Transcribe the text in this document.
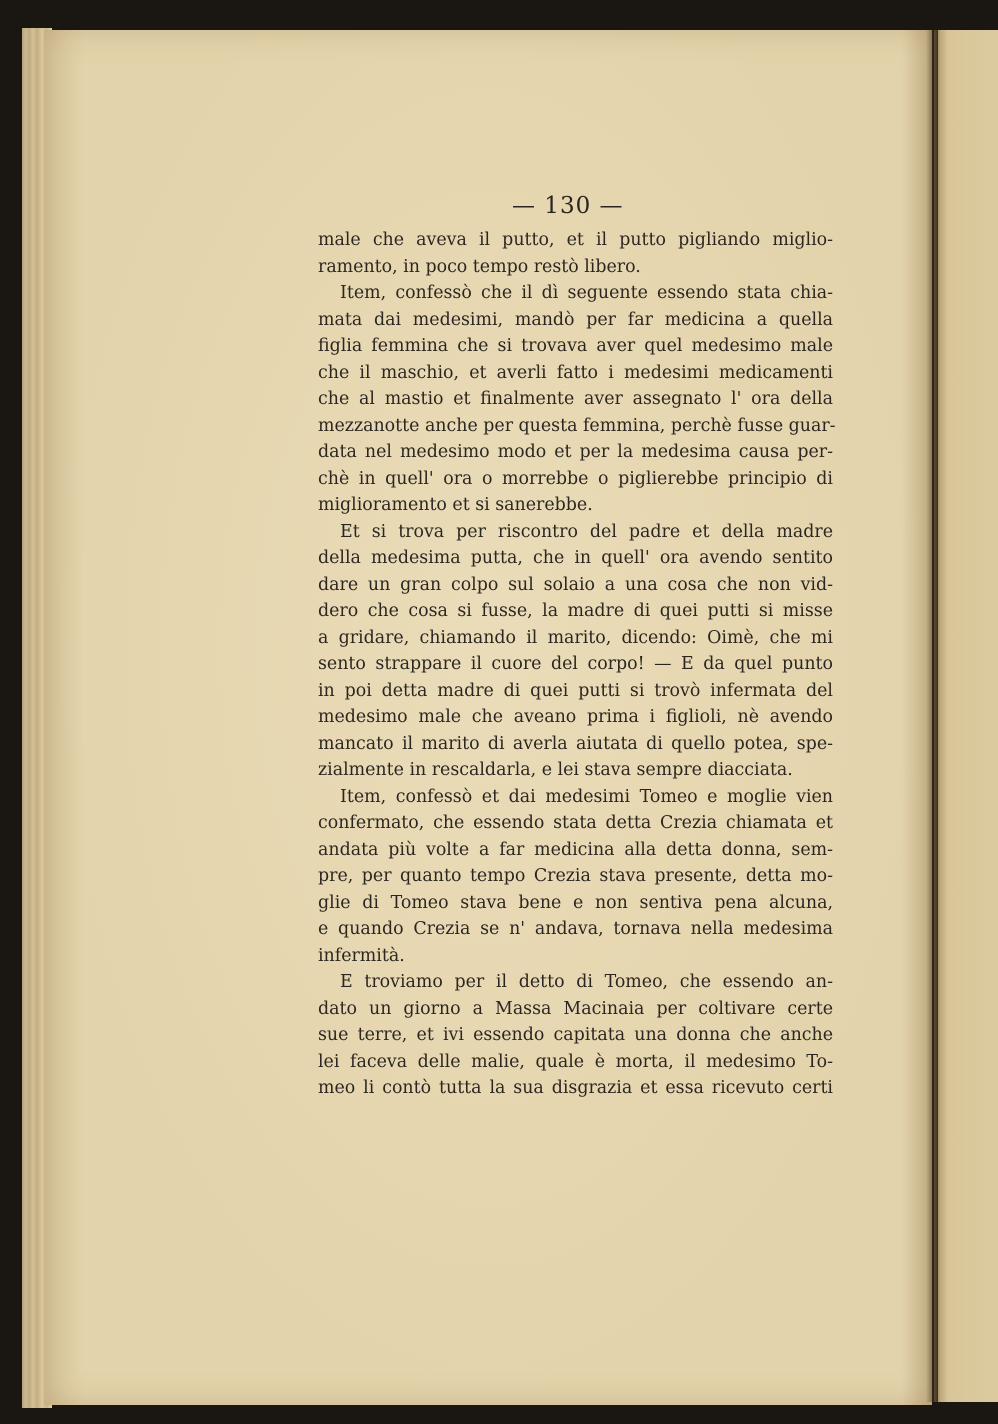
— 130 —
male che aveva il putto, et il putto pigliando miglio-
ramento, in poco tempo restò libero.
Item, confessò che il dì seguente essendo stata chia-
mata dai medesimi, mandò per far medicina a quella
figlia femmina che si trovava aver quel medesimo male
che il maschio, et averli fatto i medesimi medicamenti
che al mastio et finalmente aver assegnato l' ora della
mezzanotte anche per questa femmina, perchè fusse guar-
data nel medesimo modo et per la medesima causa per-
chè in quell' ora o morrebbe o piglierebbe principio di
miglioramento et si sanerebbe.
Et si trova per riscontro del padre et della madre
della medesima putta, che in quell' ora avendo sentito
dare un gran colpo sul solaio a una cosa che non vid-
dero che cosa si fusse, la madre di quei putti si misse
a gridare, chiamando il marito, dicendo: Oimè, che mi
sento strappare il cuore del corpo! — E da quel punto
in poi detta madre di quei putti si trovò infermata del
medesimo male che aveano prima i figlioli, nè avendo
mancato il marito di averla aiutata di quello potea, spe-
zialmente in rescaldarla, e lei stava sempre diacciata.
Item, confessò et dai medesimi Tomeo e moglie vien
confermato, che essendo stata detta Crezia chiamata et
andata più volte a far medicina alla detta donna, sem-
pre, per quanto tempo Crezia stava presente, detta mo-
glie di Tomeo stava bene e non sentiva pena alcuna,
e quando Crezia se n' andava, tornava nella medesima
infermità.
E troviamo per il detto di Tomeo, che essendo an-
dato un giorno a Massa Macinaia per coltivare certe
sue terre, et ivi essendo capitata una donna che anche
lei faceva delle malie, quale è morta, il medesimo To-
meo li contò tutta la sua disgrazia et essa ricevuto certi
